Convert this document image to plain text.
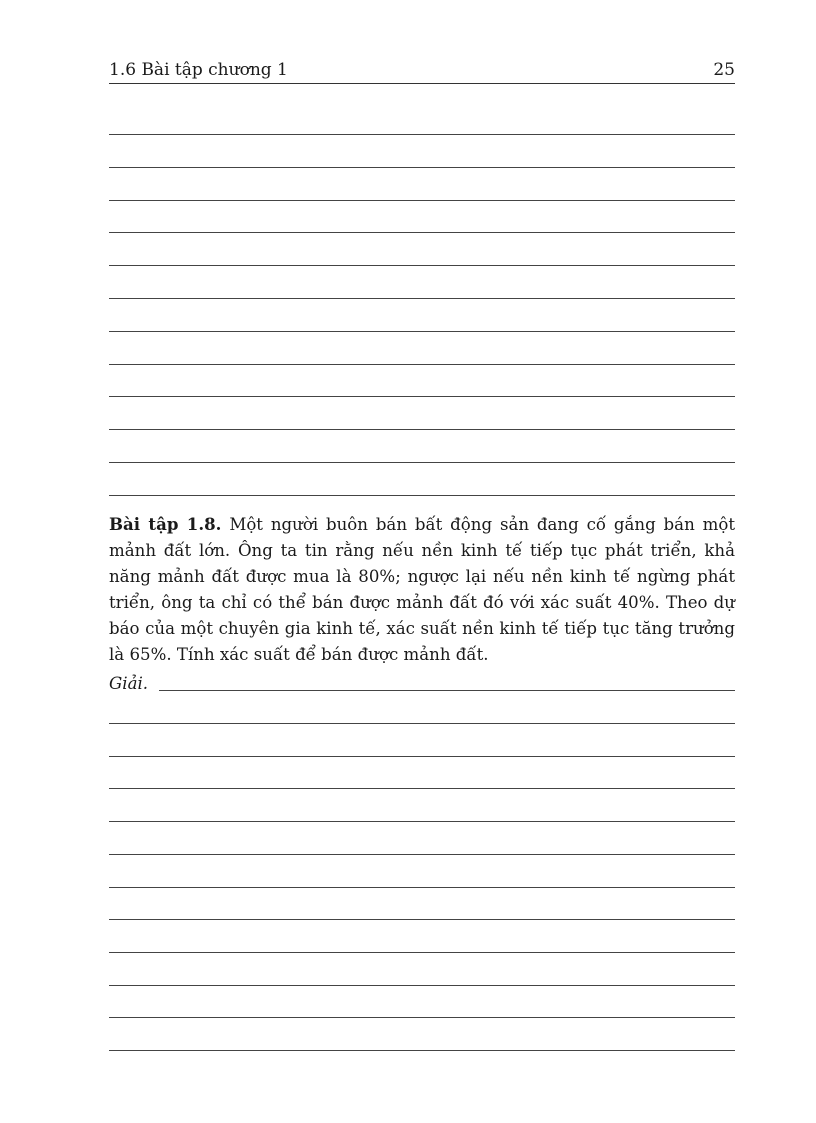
1.6 Bài tập chương 1	25
Bài tập 1.8. Một người buôn bán bất động sản đang cố gắng bán một mảnh đất lớn. Ông ta tin rằng nếu nền kinh tế tiếp tục phát triển, khả năng mảnh đất được mua là 80%; ngược lại nếu nền kinh tế ngừng phát triển, ông ta chỉ có thể bán được mảnh đất đó với xác suất 40%. Theo dự báo của một chuyên gia kinh tế, xác suất nền kinh tế tiếp tục tăng trưởng là 65%. Tính xác suất để bán được mảnh đất.
Giải.
